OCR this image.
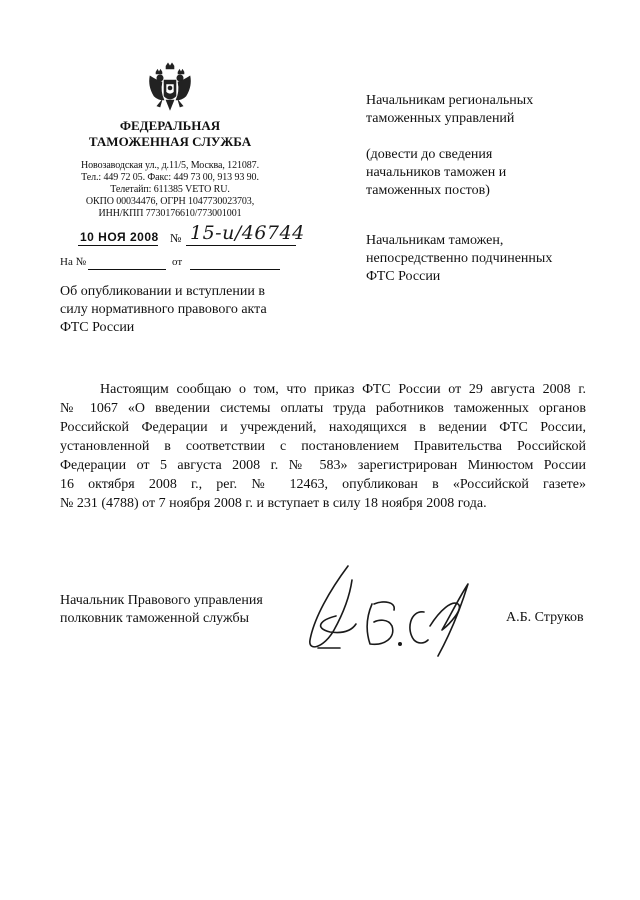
ФЕДЕРАЛЬНАЯ
ТАМОЖЕННАЯ СЛУЖБА
Новозаводская ул., д.11/5, Москва, 121087.
Тел.: 449 72 05. Факс: 449 73 00, 913 93 90.
Телетайп: 611385 VETO RU.
ОКПО 00034476, ОГРН 1047730023703,
ИНН/КПП 7730176610/773001001
10 НОЯ 2008 № 15-и/46744
На №	от
Об опубликовании и вступлении в
силу нормативного правового акта
ФТС России
Начальникам региональных
таможенных управлений
(довести до сведения
начальников таможен и
таможенных постов)
Начальникам таможен,
непосредственно подчиненных
ФТС России
Настоящим сообщаю о том, что приказ ФТС России от 29 августа 2008 г.
№ 1067 «О введении системы оплаты труда работников таможенных органов
Российской Федерации и учреждений, находящихся в ведении ФТС России,
установленной в соответствии с постановлением Правительства Российской
Федерации от 5 августа 2008 г. № 583» зарегистрирован Минюстом России
16 октября 2008 г., рег. № 12463, опубликован в «Российской газете»
№ 231 (4788) от 7 ноября 2008 г. и вступает в силу 18 ноября 2008 года.
Начальник Правового управления
полковник таможенной службы	А.Б. Струков
